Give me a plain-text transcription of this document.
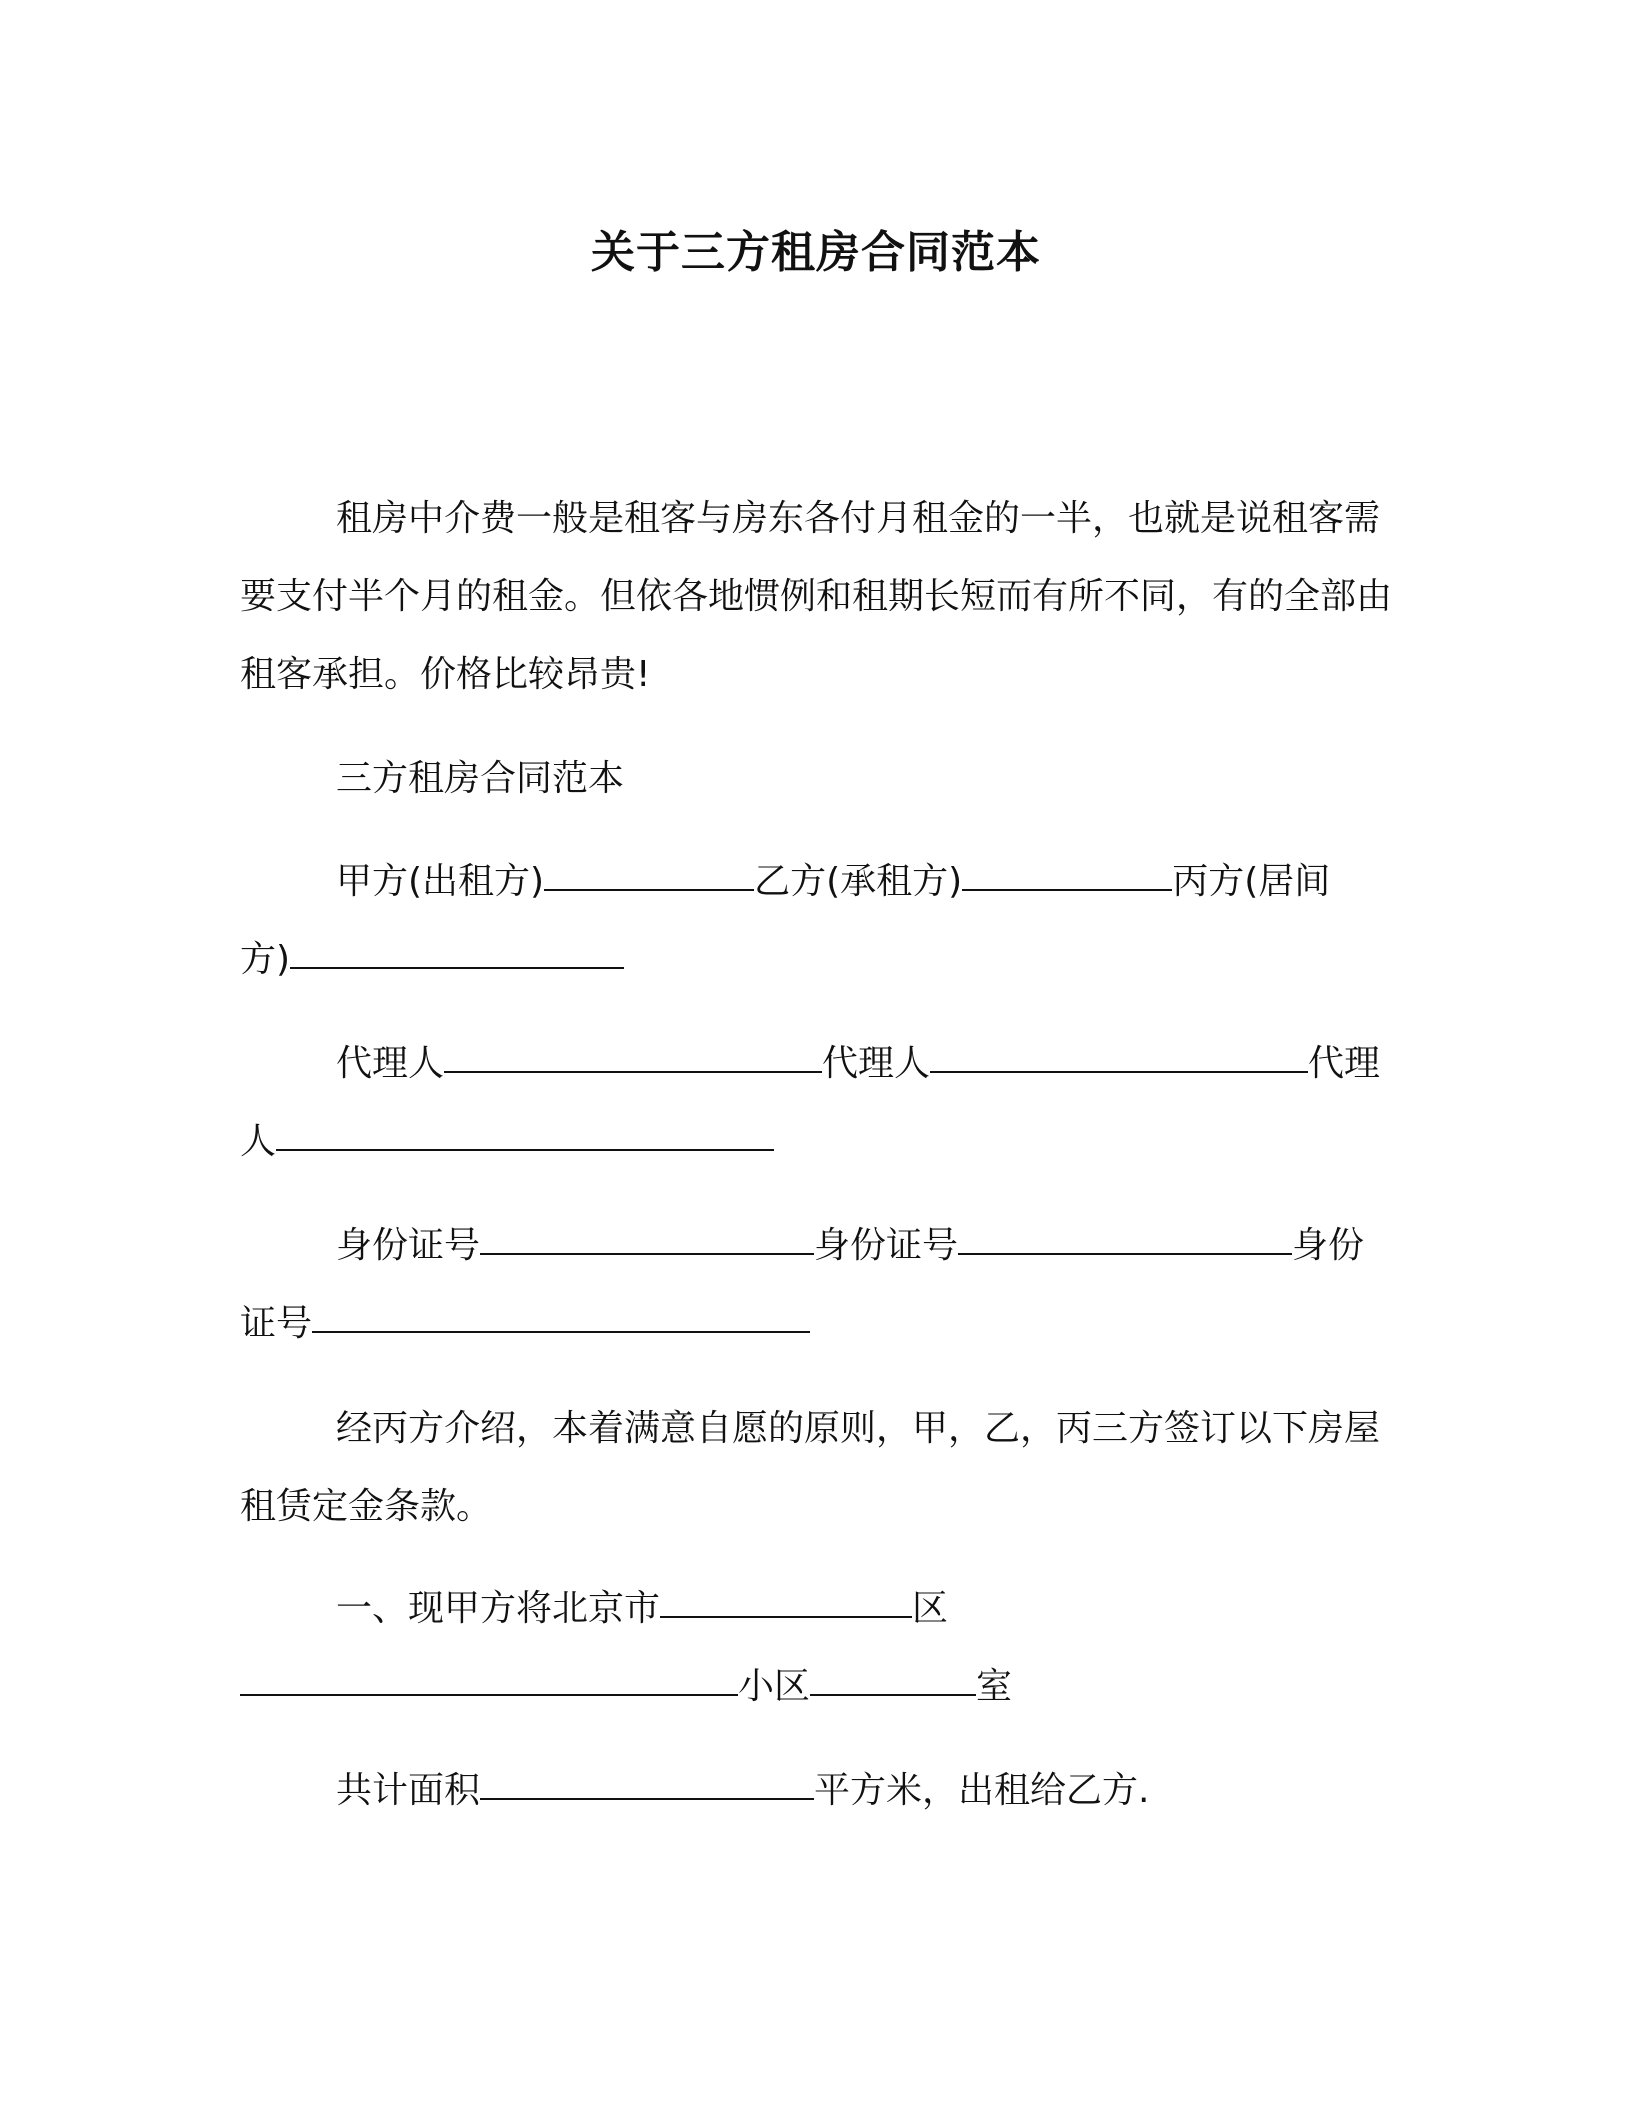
关于三方租房合同范本

租房中介费一般是租客与房东各付月租金的一半，也就是说租客需要支付半个月的租金。但依各地惯例和租期长短而有所不同，有的全部由租客承担。价格比较昂贵!

三方租房合同范本

甲方(出租方)	乙方(承租方)	丙方(居间

方)

代理人	代理人	代理

人

身份证号	身份证号	身份

证号

经丙方介绍，本着满意自愿的原则，甲，乙，丙三方签订以下房屋租赁定金条款。

一、现甲方将北京市	区

小区	室

共计面积	平方米，出租给乙方.
